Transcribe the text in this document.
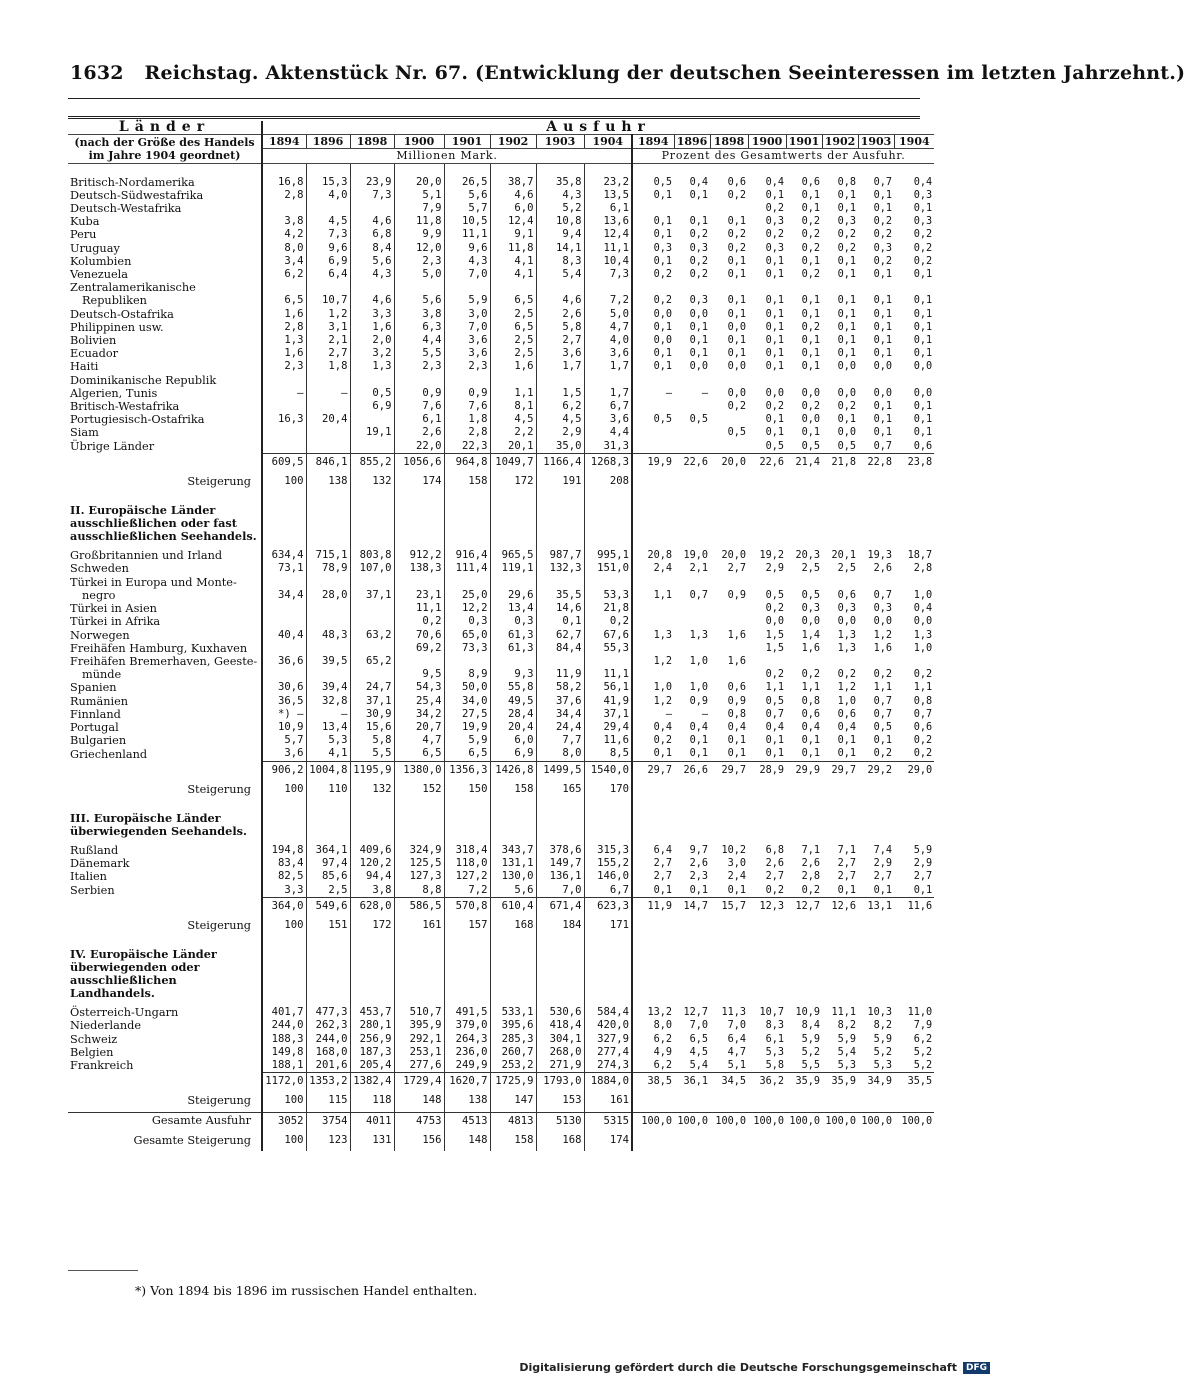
1632 Reichstag. Aktenstück Nr. 67. (Entwicklung der deutschen Seeinteressen im letzten Jahrzehnt.)
Länder	Ausfuhr															
(nach der Größe des Handels im Jahre 1904 geordnet)	1894	1896	1898	1900	1901	1902	1903	1904	1894	1896	1898	1900	1901	1902	1903	1904
	Millionen Mark.								Prozent des Gesamtwerts der Ausfuhr.							

Britisch-Nordamerika	16,8	15,3	23,9	20,0	26,5	38,7	35,8	23,2	0,5	0,4	0,6	0,4	0,6	0,8	0,7	0,4
Deutsch-Südwestafrika	2,8	4,0	7,3	5,1	5,6	4,6	4,3	13,5	0,1	0,1	0,2	0,1	0,1	0,1	0,1	0,3
Deutsch-Westafrika				7,9	5,7	6,0	5,2	6,1				0,2	0,1	0,1	0,1	0,1
Kuba	3,8	4,5	4,6	11,8	10,5	12,4	10,8	13,6	0,1	0,1	0,1	0,3	0,2	0,3	0,2	0,3
Peru	4,2	7,3	6,8	9,9	11,1	9,1	9,4	12,4	0,1	0,2	0,2	0,2	0,2	0,2	0,2	0,2
Uruguay	8,0	9,6	8,4	12,0	9,6	11,8	14,1	11,1	0,3	0,3	0,2	0,3	0,2	0,2	0,3	0,2
Kolumbien	3,4	6,9	5,6	2,3	4,3	4,1	8,3	10,4	0,1	0,2	0,1	0,1	0,1	0,1	0,2	0,2
Venezuela	6,2	6,4	4,3	5,0	7,0	4,1	5,4	7,3	0,2	0,2	0,1	0,1	0,2	0,1	0,1	0,1
Zentralamerikanische																
Republiken	6,5	10,7	4,6	5,6	5,9	6,5	4,6	7,2	0,2	0,3	0,1	0,1	0,1	0,1	0,1	0,1
Deutsch-Ostafrika	1,6	1,2	3,3	3,8	3,0	2,5	2,6	5,0	0,0	0,0	0,1	0,1	0,1	0,1	0,1	0,1
Philippinen usw.	2,8	3,1	1,6	6,3	7,0	6,5	5,8	4,7	0,1	0,1	0,0	0,1	0,2	0,1	0,1	0,1
Bolivien	1,3	2,1	2,0	4,4	3,6	2,5	2,7	4,0	0,0	0,1	0,1	0,1	0,1	0,1	0,1	0,1
Ecuador	1,6	2,7	3,2	5,5	3,6	2,5	3,6	3,6	0,1	0,1	0,1	0,1	0,1	0,1	0,1	0,1
Haiti	2,3	1,8	1,3	2,3	2,3	1,6	1,7	1,7	0,1	0,0	0,0	0,1	0,1	0,0	0,0	0,0
Dominikanische Republik																
Algerien, Tunis	—	—	0,5	0,9	0,9	1,1	1,5	1,7	—	—	0,0	0,0	0,0	0,0	0,0	0,0
Britisch-Westafrika			6,9	7,6	7,6	8,1	6,2	6,7			0,2	0,2	0,2	0,2	0,1	0,1
Portugiesisch-Ostafrika	16,3	20,4		6,1	1,8	4,5	4,5	3,6	0,5	0,5		0,1	0,0	0,1	0,1	0,1
Siam			19,1	2,6	2,8	2,2	2,9	4,4			0,5	0,1	0,1	0,0	0,1	0,1
Übrige Länder				22,0	22,3	20,1	35,0	31,3				0,5	0,5	0,5	0,7	0,6
	609,5	846,1	855,2	1056,6	964,8	1049,7	1166,4	1268,3	19,9	22,6	20,0	22,6	21,4	21,8	22,8	23,8
Steigerung	100	138	132	174	158	172	191	208								
II. Europäische Länder ausschließlichen oder fast ausschließlichen Seehandels.																
Großbritannien und Irland	634,4	715,1	803,8	912,2	916,4	965,5	987,7	995,1	20,8	19,0	20,0	19,2	20,3	20,1	19,3	18,7
Schweden	73,1	78,9	107,0	138,3	111,4	119,1	132,3	151,0	2,4	2,1	2,7	2,9	2,5	2,5	2,6	2,8
Türkei in Europa und Monte-																
negro	34,4	28,0	37,1	23,1	25,0	29,6	35,5	53,3	1,1	0,7	0,9	0,5	0,5	0,6	0,7	1,0
Türkei in Asien				11,1	12,2	13,4	14,6	21,8				0,2	0,3	0,3	0,3	0,4
Türkei in Afrika				0,2	0,3	0,3	0,1	0,2				0,0	0,0	0,0	0,0	0,0
Norwegen	40,4	48,3	63,2	70,6	65,0	61,3	62,7	67,6	1,3	1,3	1,6	1,5	1,4	1,3	1,2	1,3
Freihäfen Hamburg, Kuxhaven				69,2	73,3	61,3	84,4	55,3				1,5	1,6	1,3	1,6	1,0
Freihäfen Bremerhaven, Geeste-	36,6	39,5	65,2						1,2	1,0	1,6					
münde				9,5	8,9	9,3	11,9	11,1				0,2	0,2	0,2	0,2	0,2
Spanien	30,6	39,4	24,7	54,3	50,0	55,8	58,2	56,1	1,0	1,0	0,6	1,1	1,1	1,2	1,1	1,1
Rumänien	36,5	32,8	37,1	25,4	34,0	49,5	37,6	41,9	1,2	0,9	0,9	0,5	0,8	1,0	0,7	0,8
Finnland	*) —	—	30,9	34,2	27,5	28,4	34,4	37,1	—	—	0,8	0,7	0,6	0,6	0,7	0,7
Portugal	10,9	13,4	15,6	20,7	19,9	20,4	24,4	29,4	0,4	0,4	0,4	0,4	0,4	0,4	0,5	0,6
Bulgarien	5,7	5,3	5,8	4,7	5,9	6,0	7,7	11,6	0,2	0,1	0,1	0,1	0,1	0,1	0,1	0,2
Griechenland	3,6	4,1	5,5	6,5	6,5	6,9	8,0	8,5	0,1	0,1	0,1	0,1	0,1	0,1	0,2	0,2
	906,2	1004,8	1195,9	1380,0	1356,3	1426,8	1499,5	1540,0	29,7	26,6	29,7	28,9	29,9	29,7	29,2	29,0
Steigerung	100	110	132	152	150	158	165	170								
III. Europäische Länder überwiegenden Seehandels.																
Rußland	194,8	364,1	409,6	324,9	318,4	343,7	378,6	315,3	6,4	9,7	10,2	6,8	7,1	7,1	7,4	5,9
Dänemark	83,4	97,4	120,2	125,5	118,0	131,1	149,7	155,2	2,7	2,6	3,0	2,6	2,6	2,7	2,9	2,9
Italien	82,5	85,6	94,4	127,3	127,2	130,0	136,1	146,0	2,7	2,3	2,4	2,7	2,8	2,7	2,7	2,7
Serbien	3,3	2,5	3,8	8,8	7,2	5,6	7,0	6,7	0,1	0,1	0,1	0,2	0,2	0,1	0,1	0,1
	364,0	549,6	628,0	586,5	570,8	610,4	671,4	623,3	11,9	14,7	15,7	12,3	12,7	12,6	13,1	11,6
Steigerung	100	151	172	161	157	168	184	171								
IV. Europäische Länder überwiegenden oder ausschließlichen Landhandels.																
Österreich-Ungarn	401,7	477,3	453,7	510,7	491,5	533,1	530,6	584,4	13,2	12,7	11,3	10,7	10,9	11,1	10,3	11,0
Niederlande	244,0	262,3	280,1	395,9	379,0	395,6	418,4	420,0	8,0	7,0	7,0	8,3	8,4	8,2	8,2	7,9
Schweiz	188,3	244,0	256,9	292,1	264,3	285,3	304,1	327,9	6,2	6,5	6,4	6,1	5,9	5,9	5,9	6,2
Belgien	149,8	168,0	187,3	253,1	236,0	260,7	268,0	277,4	4,9	4,5	4,7	5,3	5,2	5,4	5,2	5,2
Frankreich	188,1	201,6	205,4	277,6	249,9	253,2	271,9	274,3	6,2	5,4	5,1	5,8	5,5	5,3	5,3	5,2
	1172,0	1353,2	1382,4	1729,4	1620,7	1725,9	1793,0	1884,0	38,5	36,1	34,5	36,2	35,9	35,9	34,9	35,5
Steigerung	100	115	118	148	138	147	153	161								
Gesamte Ausfuhr	3052	3754	4011	4753	4513	4813	5130	5315	100,0	100,0	100,0	100,0	100,0	100,0	100,0	100,0
Gesamte Steigerung	100	123	131	156	148	158	168	174								
*) Von 1894 bis 1896 im russischen Handel enthalten.
Digitalisierung gefördert durch die Deutsche Forschungsgemeinschaft	DFG
